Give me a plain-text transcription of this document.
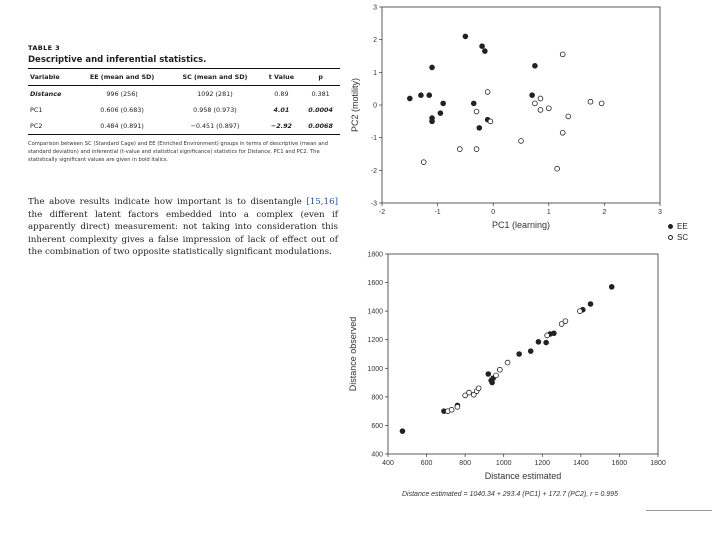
TABLE 3
Descriptive and inferential statistics.
Variable	EE (mean and SD)	SC (mean and SD)	t Value	p
Distance	996 (256)	1092 (281)	0.89	0.381
PC1	0.606 (0.683)	0.958 (0.973)	4.01	0.0004
PC2	0.484 (0.891)	−0.451 (0.897)	−2.92	0.0068
Comparison between SC (Standard Cage) and EE (Enriched Environment) groups in terms of descriptive (mean and standard deviation) and inferential (t-value and statistical significance) statistics for Distance, PC1 and PC2. The statistically significant values are given in bold italics.
The above results indicate how important is to disentangle [15,16] the different latent factors embedded into a complex (even if apparently direct) measurement: not taking into consideration this inherent complexity gives a false impression of lack of effect out of the combination of two opposite statistically significant modulations.
-2	-1	0	1	2	3
-3
-2
-1
0
1
2
3
PC1 (learning)
PC2 (motility)
EE
SC
400	600	800	1000	1200	1400	1600	1800
400
600
800
1000
1200
1400
1600
1800
Distance estimated
Distance observed
Distance estimated = 1040.34 + 293.4 (PC1) + 172.7 (PC2), r = 0.995
